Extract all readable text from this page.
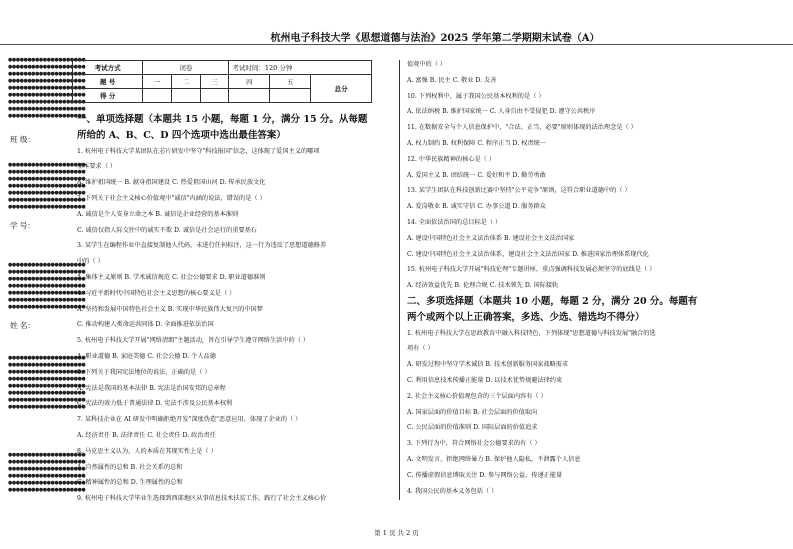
杭州电子科技大学《思想道德与法治》2025 学年第二学期期末试卷（A）
●●●●●●●●●●●●●●●●●●●●
●●●●●●●●●●●●●●●●●●●●
●●●●●●●●●●●●●●●●●●●●
●●●●●●●●●●●●●●●●●●●●
●●●●●●●●●●●●●●●●●●●●
●●●●●●●●●●●●●●●●●●●●
●●●●●●●●●●●●●●●●●●●●
●●●●●●●●●●●●●●●●●●●●
●●●●●●●●●●●●●●●●●●●●
●●●●●●●●●●●●●●●●●●●●
●●●●●●●●●●●●●●●●●●●●
●●●●●●●●●●●●●●●●●●●●
●●●●●●●●●●●●●●●●●●●●
●●●●●●●●●●●●●●●●●●●●
●●●●●●●●●●●●●●●●●●●●
●●●●●●●●●●●●●●●●●●●●
●●●●●●●●●●●●●●●●●●●●
●●●●●●●●●●●●●●●●●●●●
●●●●●●●●●●●●●●●●●●●●
●●●●●●●●●●●●●●●●●●●●
●●●●●●●●●●●●●●●●●●●●
●●●●●●●●●●●●●●●●●●●●
●●●●●●●●●●●●●●●●●●●●
●●●●●●●●●●●●●●●●●●●●
●●●●●●●●●●●●●●●●●●●●
●●●●●●●●●●●●●●●●●●●●
●●●●●●●●●●●●●●●●●●●●
●●●●●●●●●●●●●●●●●●●●
●●●●●●●●●●●●●●●●●●●●
●●●●●●●●●●●●●●●●●●●●
●●●●●●●●●●●●●●●●●●●●
●●●●●●●●●●●●●●●●●●●●
●●●●●●●●●●●●●●●●●●●●
●●●●●●●●●●●●●●●●●●●●
●●●●●●●●●●●●●●●●●●●●
●●●●●●●●●●●●●●●●●●●●
●●●●●●●●●●●●●●●●●●●●
班 级：
学 号：
姓 名：
考试方式	闭卷			考试时间：120 分钟		
题 号	一	二	三	四	五	总分
得 分						
一、单项选择题（本题共 15 小题，每题 1 分，满分 15 分。从每题
所给的 A、B、C、D 四个选项中选出最佳答案）
1. 杭州电子科技大学某团队在芯片研发中坚守"科技报国"信念，这体现了爱国主义的哪项
基本要求（ ）
A. 维护祖国统一 B. 献身祖国建设 C. 热爱祖国山河 D. 传承民族文化
2. 下列关于社会主义核心价值观中"诚信"内涵的说法，错误的是（ ）
A. 诚信是个人安身立命之本 B. 诚信是企业经营的基本准则
C. 诚信仅指人际交往中的诚实不欺 D. 诚信是社会运行的重要基石
3. 某学生在编程作业中直接复制他人代码，未进行任何标注，这一行为违反了思想道德修养
中的（ ）
A. 集体主义原则 B. 学术诚信规范 C. 社会公德要求 D. 职业道德准则
4. 习近平新时代中国特色社会主义思想的核心要义是（ ）
A. 坚持和发展中国特色社会主义 B. 实现中华民族伟大复兴的中国梦
C. 推动构建人类命运共同体 D. 全面推进依法治国
5. 杭州电子科技大学开展"网络清朗"主题活动，旨在引导学生遵守网络生活中的（ ）
A. 职业道德 B. 家庭美德 C. 社会公德 D. 个人品德
6. 下列关于我国宪法地位的说法，正确的是（ ）
A. 宪法是我国的基本法律 B. 宪法是治国安邦的总章程
C. 宪法的效力低于普通法律 D. 宪法不涉及公民基本权利
7. 某科技企业在 AI 研发中明确拒绝开发"深度伪造"恶意应用，体现了企业的（ ）
A. 经济责任 B. 法律责任 C. 社会责任 D. 政治责任
8. 马克思主义认为，人的本质在其现实性上是（ ）
A. 自然属性的总和 B. 社会关系的总和
C. 精神属性的总和 D. 生理属性的总和
9. 杭州电子科技大学毕业生选择到西部地区从事信息技术扶贫工作，践行了社会主义核心价
值观中的（ ）
A. 富强 B. 民主 C. 敬业 D. 友善
10. 下列权利中，属于我国公民基本权利的是（ ）
A. 依法纳税 B. 维护国家统一 C. 人身自由不受侵犯 D. 遵守公共秩序
11. 在数据安全与个人信息保护中，"合法、正当、必要"原则体现的法治理念是（ ）
A. 权力制约 B. 权利保障 C. 程序正当 D. 权责统一
12. 中华民族精神的核心是（ ）
A. 爱国主义 B. 团结统一 C. 爱好和平 D. 勤劳勇敢
13. 某学生团队在科技创新比赛中坚持"公平竞争"原则，这符合职业道德中的（ ）
A. 爱岗敬业 B. 诚实守信 C. 办事公道 D. 服务群众
14. 全面依法治国的总目标是（ ）
A. 建设中国特色社会主义法治体系 B. 建设社会主义法治国家
C. 建设中国特色社会主义法治体系，建设社会主义法治国家 D. 推进国家治理体系现代化
15. 杭州电子科技大学开展"科技伦理"专题讲座，重点强调科技发展必须坚守的底线是（ ）
A. 经济效益优先 B. 伦理合规 C. 技术领先 D. 国际接轨
二、多项选择题（本题共 10 小题，每题 2 分，满分 20 分。每题有
两个或两个以上正确答案，多选、少选、错选均不得分）
1. 杭州电子科技大学在思政教育中融入科技特色，下列体现"思想道德与科技发展"融合的选
项有（ ）
A. 研发过程中坚守学术诚信 B. 技术创新服务国家战略需求
C. 利用信息技术传播正能量 D. 以技术优势规避法律约束
2. 社会主义核心价值观包含的三个层面内容有（ ）
A. 国家层面的价值目标 B. 社会层面的价值取向
C. 公民层面的价值准则 D. 国际层面的价值追求
3. 下列行为中，符合网络社会公德要求的有（ ）
A. 文明发言，拒绝网络暴力 B. 保护他人隐私，不泄露个人信息
C. 传播虚假信息博取关注 D. 参与网络公益，传递正能量
4. 我国公民的基本义务包括（ ）
第 1 页 共 2 页
